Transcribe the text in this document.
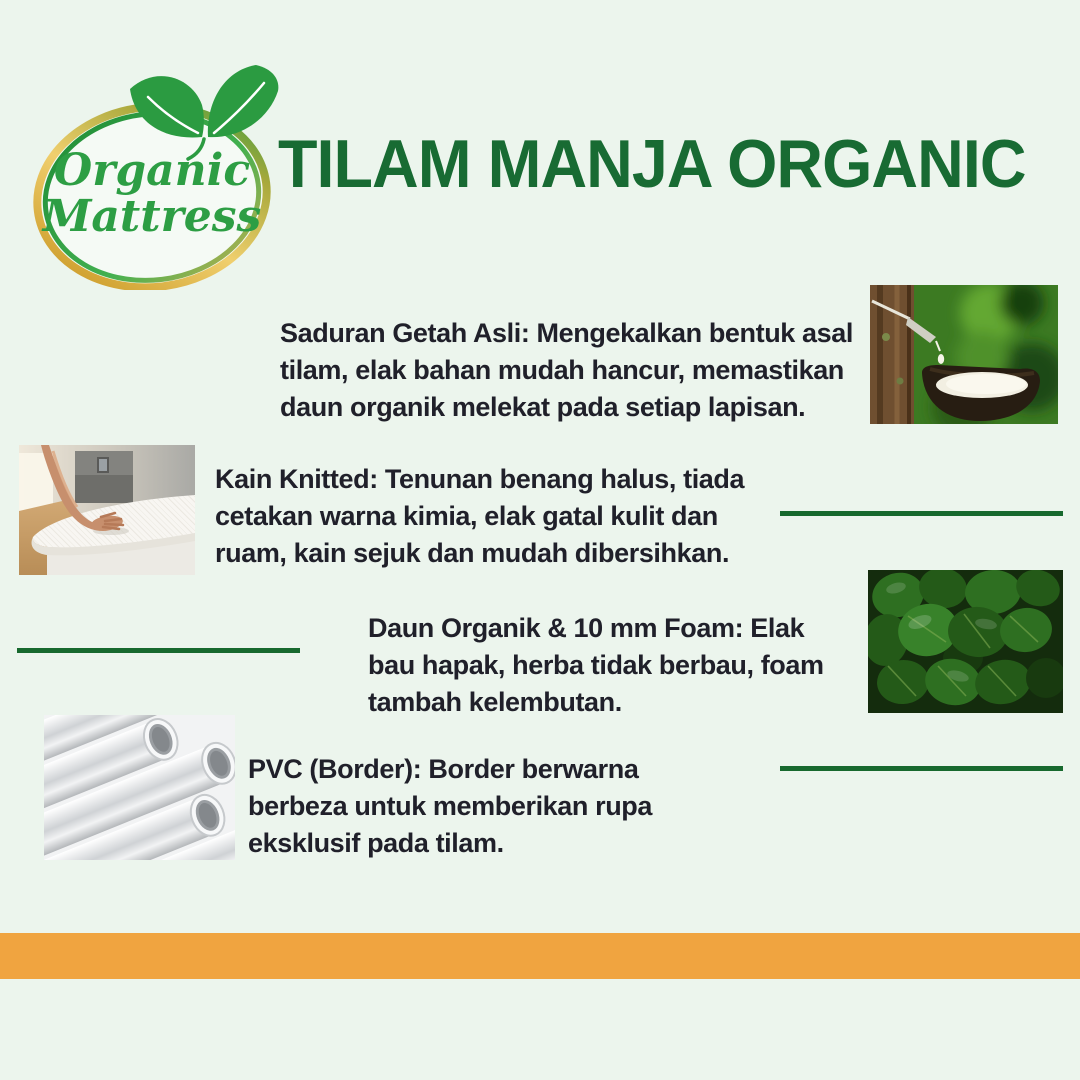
Organic
Mattress
TILAM MANJA ORGANIC
Saduran Getah Asli: Mengekalkan bentuk asal
tilam, elak bahan mudah hancur, memastikan
daun organik melekat pada setiap lapisan.
Kain Knitted: Tenunan benang halus, tiada
cetakan warna kimia, elak gatal kulit dan
ruam, kain sejuk dan mudah dibersihkan.
Daun Organik & 10 mm Foam: Elak
bau hapak, herba tidak berbau, foam
tambah kelembutan.
PVC (Border): Border berwarna
berbeza untuk memberikan rupa
eksklusif pada tilam.
